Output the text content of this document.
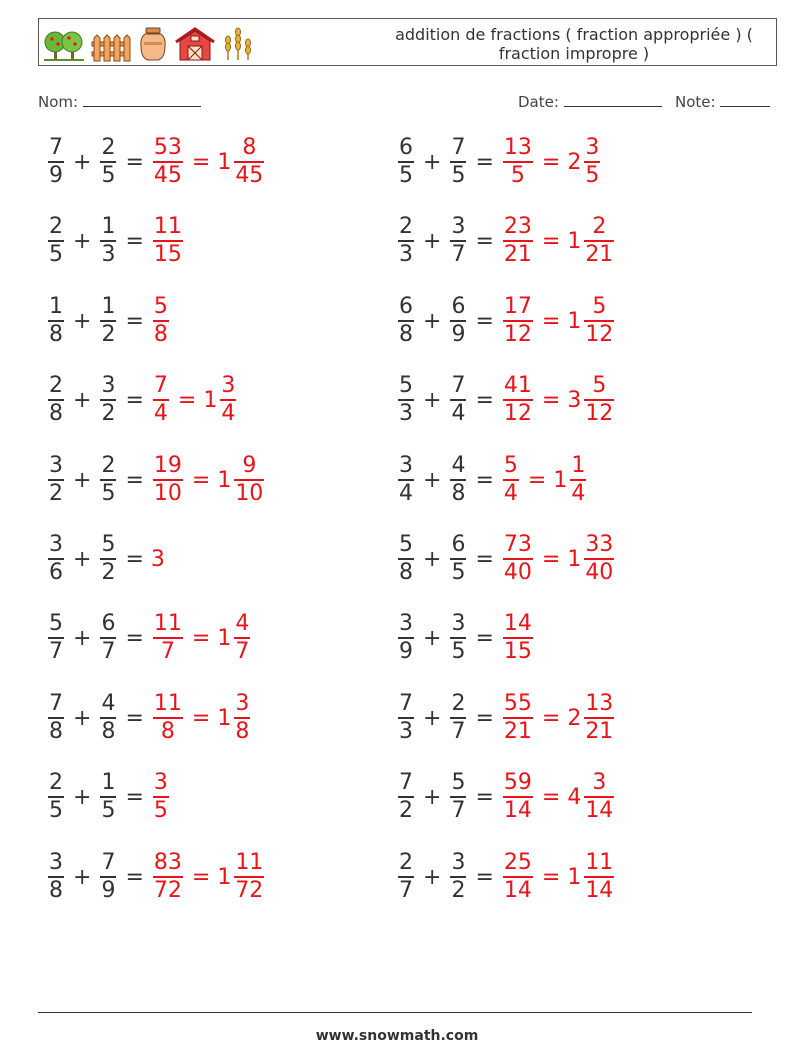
addition de fractions ( fraction appropriée ) ( fraction impropre )
Nom:	Date:	Note:
$\frac{7}{9} + \frac{2}{5} = \frac{53}{45} = 1 \frac{8}{45}$	$\frac{6}{5} + \frac{7}{5} = \frac{13}{5} = 2 \frac{3}{5}$
$\frac{2}{5} + \frac{1}{3} = \frac{11}{15}$	$\frac{2}{3} + \frac{3}{7} = \frac{23}{21} = 1 \frac{2}{21}$
$\frac{1}{8} + \frac{1}{2} = \frac{5}{8}$	$\frac{6}{8} + \frac{6}{9} = \frac{17}{12} = 1 \frac{5}{12}$
$\frac{2}{8} + \frac{3}{2} = \frac{7}{4} = 1 \frac{3}{4}$	$\frac{5}{3} + \frac{7}{4} = \frac{41}{12} = 3 \frac{5}{12}$
$\frac{3}{2} + \frac{2}{5} = \frac{19}{10} = 1 \frac{9}{10}$	$\frac{3}{4} + \frac{4}{8} = \frac{5}{4} = 1 \frac{1}{4}$
$\frac{3}{6} + \frac{5}{2} = 3$	$\frac{5}{8} + \frac{6}{5} = \frac{73}{40} = 1 \frac{33}{40}$
$\frac{5}{7} + \frac{6}{7} = \frac{11}{7} = 1 \frac{4}{7}$	$\frac{3}{9} + \frac{3}{5} = \frac{14}{15}$
$\frac{7}{8} + \frac{4}{8} = \frac{11}{8} = 1 \frac{3}{8}$	$\frac{7}{3} + \frac{2}{7} = \frac{55}{21} = 2 \frac{13}{21}$
$\frac{2}{5} + \frac{1}{5} = \frac{3}{5}$	$\frac{7}{2} + \frac{5}{7} = \frac{59}{14} = 4 \frac{3}{14}$
$\frac{3}{8} + \frac{7}{9} = \frac{83}{72} = 1 \frac{11}{72}$	$\frac{2}{7} + \frac{3}{2} = \frac{25}{14} = 1 \frac{11}{14}$
www.snowmath.com
